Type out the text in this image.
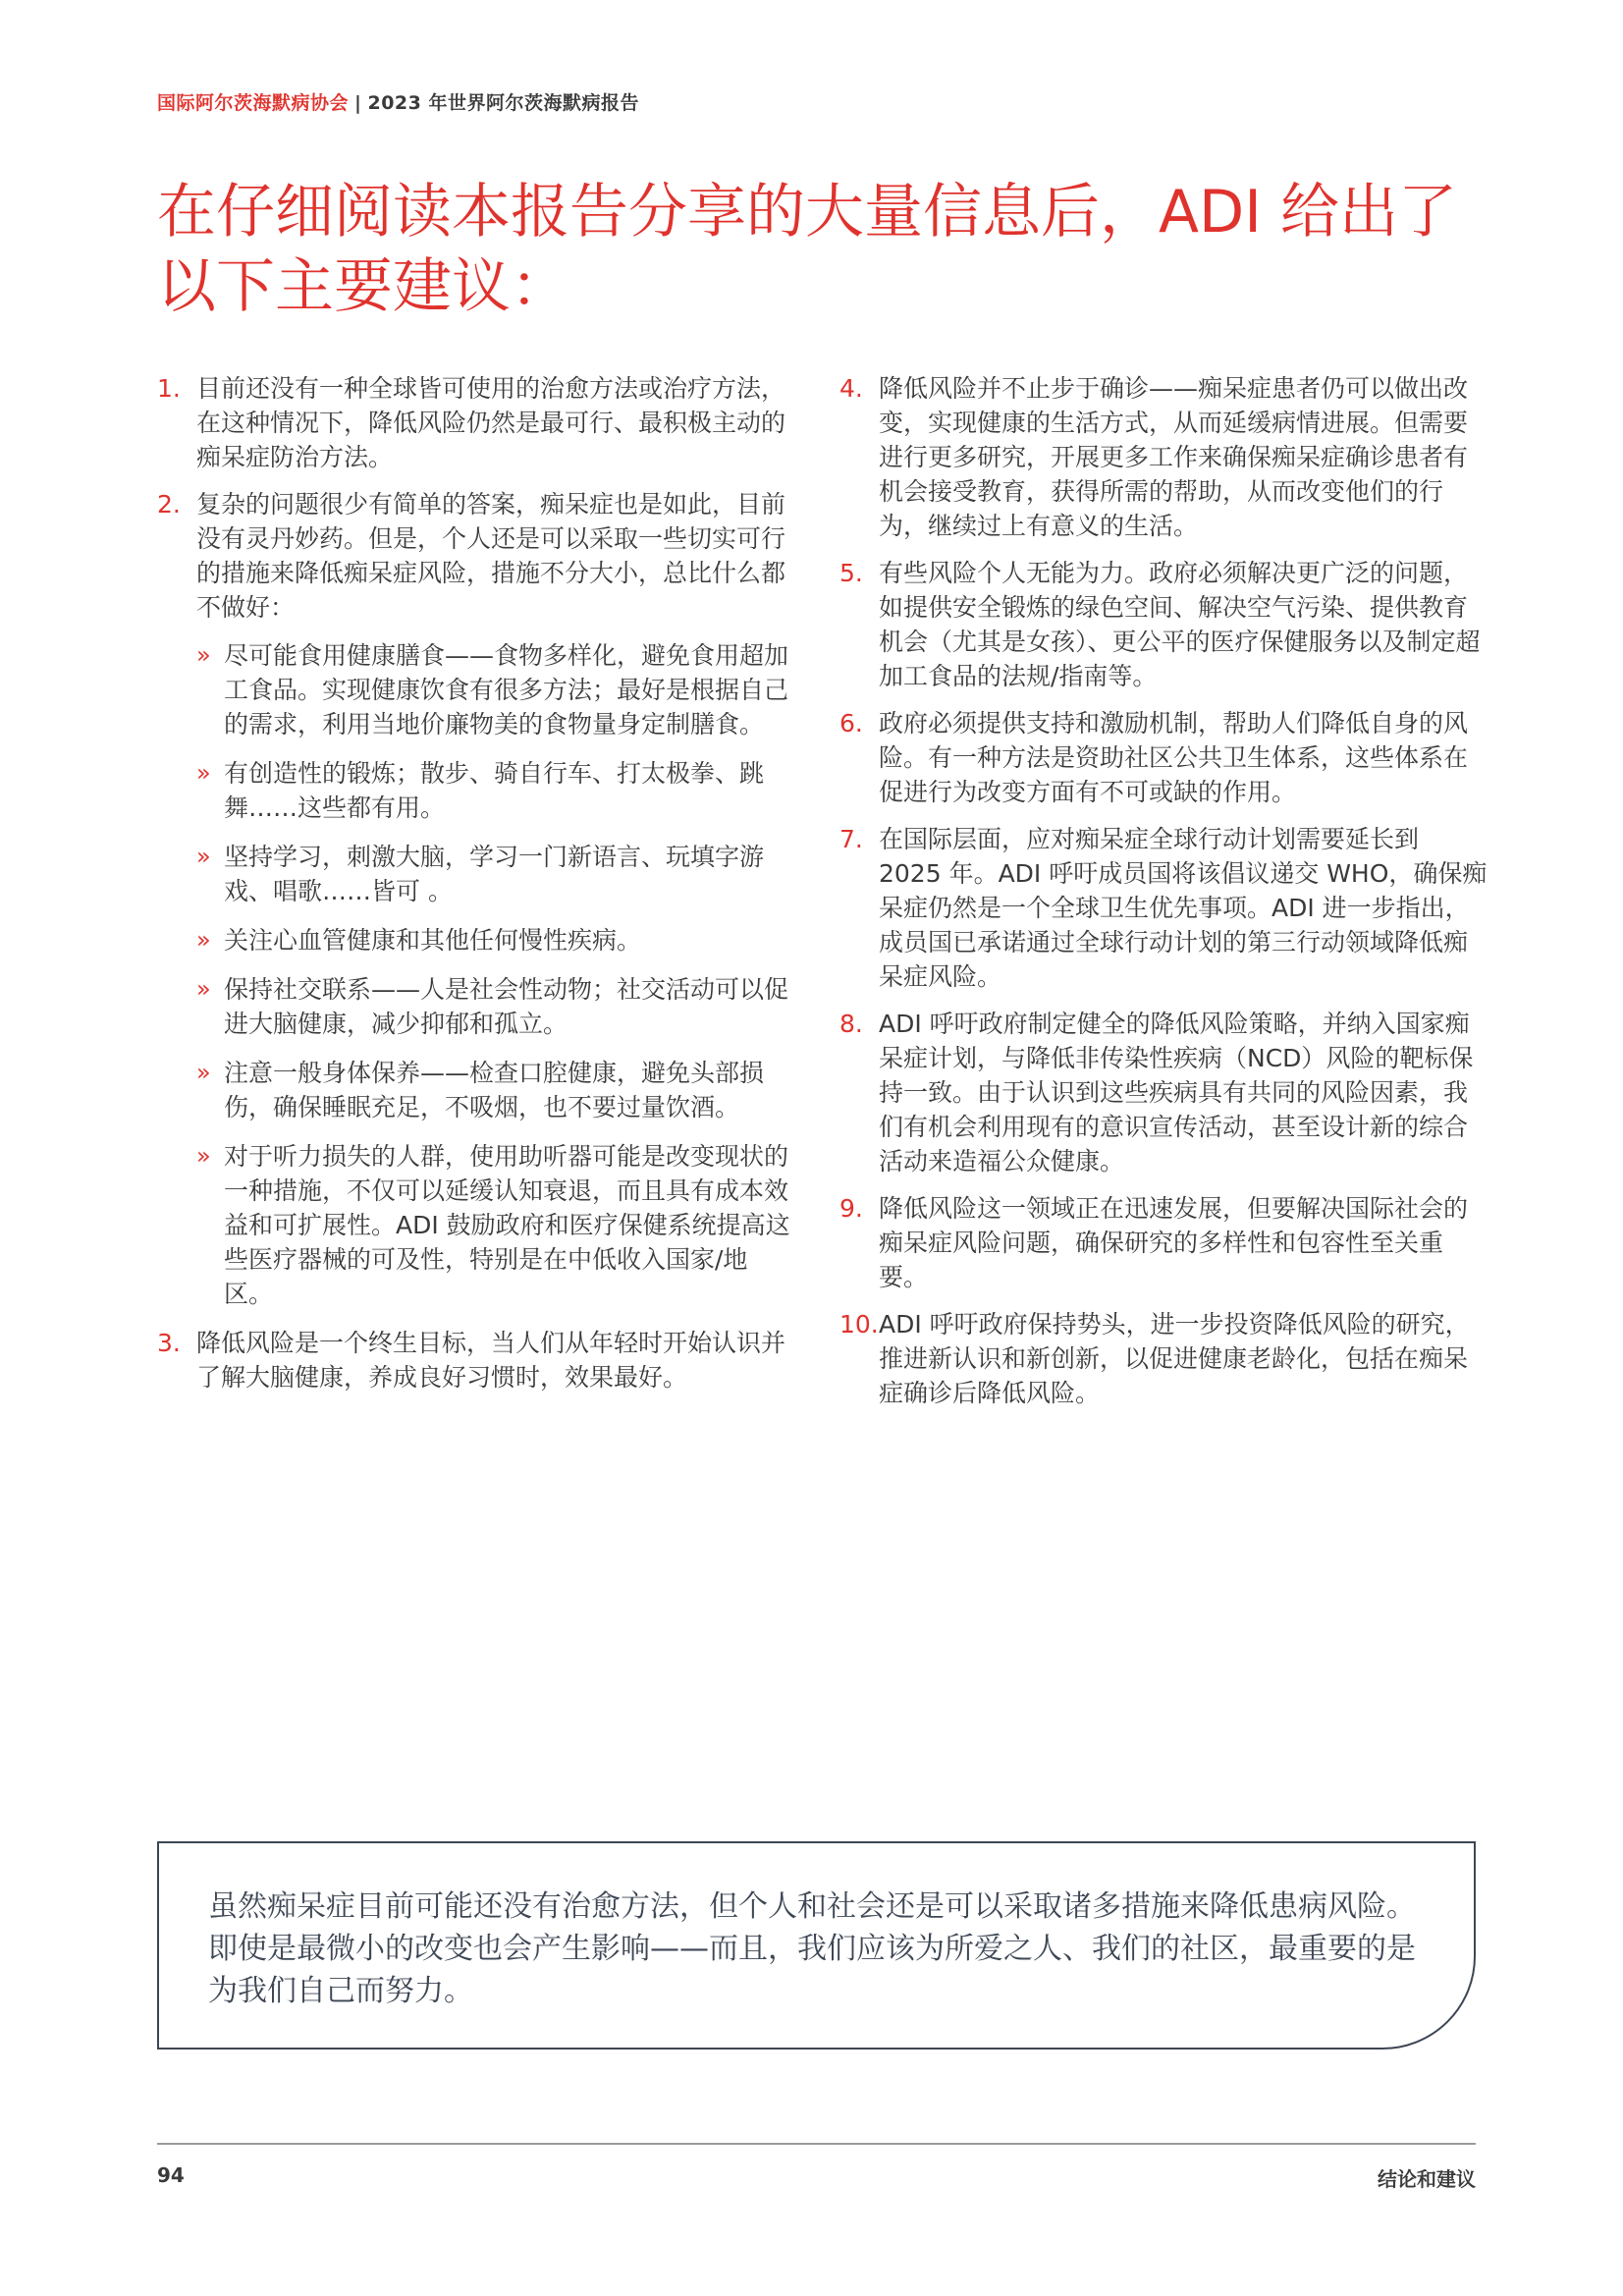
国际阿尔茨海默病协会 | 2023 年世界阿尔茨海默病报告
在仔细阅读本报告分享的大量信息后，ADI 给出了以下主要建议：
1. 目前还没有一种全球皆可使用的治愈方法或治疗方法，在这种情况下，降低风险仍然是最可行、最积极主动的痴呆症防治方法。
2. 复杂的问题很少有简单的答案，痴呆症也是如此，目前没有灵丹妙药。但是，个人还是可以采取一些切实可行的措施来降低痴呆症风险，措施不分大小，总比什么都不做好：
» 尽可能食用健康膳食——食物多样化，避免食用超加工食品。实现健康饮食有很多方法；最好是根据自己的需求，利用当地价廉物美的食物量身定制膳食。
» 有创造性的锻炼；散步、骑自行车、打太极拳、跳舞……这些都有用。
» 坚持学习，刺激大脑，学习一门新语言、玩填字游戏、唱歌……皆可 。
» 关注心血管健康和其他任何慢性疾病。
» 保持社交联系——人是社会性动物；社交活动可以促进大脑健康，减少抑郁和孤立。
» 注意一般身体保养——检查口腔健康，避免头部损伤，确保睡眠充足，不吸烟，也不要过量饮酒。
» 对于听力损失的人群，使用助听器可能是改变现状的一种措施，不仅可以延缓认知衰退，而且具有成本效益和可扩展性。ADI 鼓励政府和医疗保健系统提高这些医疗器械的可及性，特别是在中低收入国家/地区。
3. 降低风险是一个终生目标，当人们从年轻时开始认识并了解大脑健康，养成良好习惯时，效果最好。
4. 降低风险并不止步于确诊——痴呆症患者仍可以做出改变，实现健康的生活方式，从而延缓病情进展。但需要进行更多研究，开展更多工作来确保痴呆症确诊患者有机会接受教育，获得所需的帮助，从而改变他们的行为，继续过上有意义的生活。
5. 有些风险个人无能为力。政府必须解决更广泛的问题，如提供安全锻炼的绿色空间、解决空气污染、提供教育机会（尤其是女孩）、更公平的医疗保健服务以及制定超加工食品的法规/指南等。
6. 政府必须提供支持和激励机制，帮助人们降低自身的风险。有一种方法是资助社区公共卫生体系，这些体系在促进行为改变方面有不可或缺的作用。
7. 在国际层面，应对痴呆症全球行动计划需要延长到 2025 年。ADI 呼吁成员国将该倡议递交 WHO，确保痴呆症仍然是一个全球卫生优先事项。ADI 进一步指出，成员国已承诺通过全球行动计划的第三行动领域降低痴呆症风险。
8. ADI 呼吁政府制定健全的降低风险策略，并纳入国家痴呆症计划，与降低非传染性疾病（NCD）风险的靶标保持一致。由于认识到这些疾病具有共同的风险因素，我们有机会利用现有的意识宣传活动，甚至设计新的综合活动来造福公众健康。
9. 降低风险这一领域正在迅速发展，但要解决国际社会的痴呆症风险问题，确保研究的多样性和包容性至关重要。
10. ADI 呼吁政府保持势头，进一步投资降低风险的研究，推进新认识和新创新，以促进健康老龄化，包括在痴呆症确诊后降低风险。
虽然痴呆症目前可能还没有治愈方法，但个人和社会还是可以采取诸多措施来降低患病风险。即使是最微小的改变也会产生影响——而且，我们应该为所爱之人、我们的社区，最重要的是为我们自己而努力。
94	结论和建议
